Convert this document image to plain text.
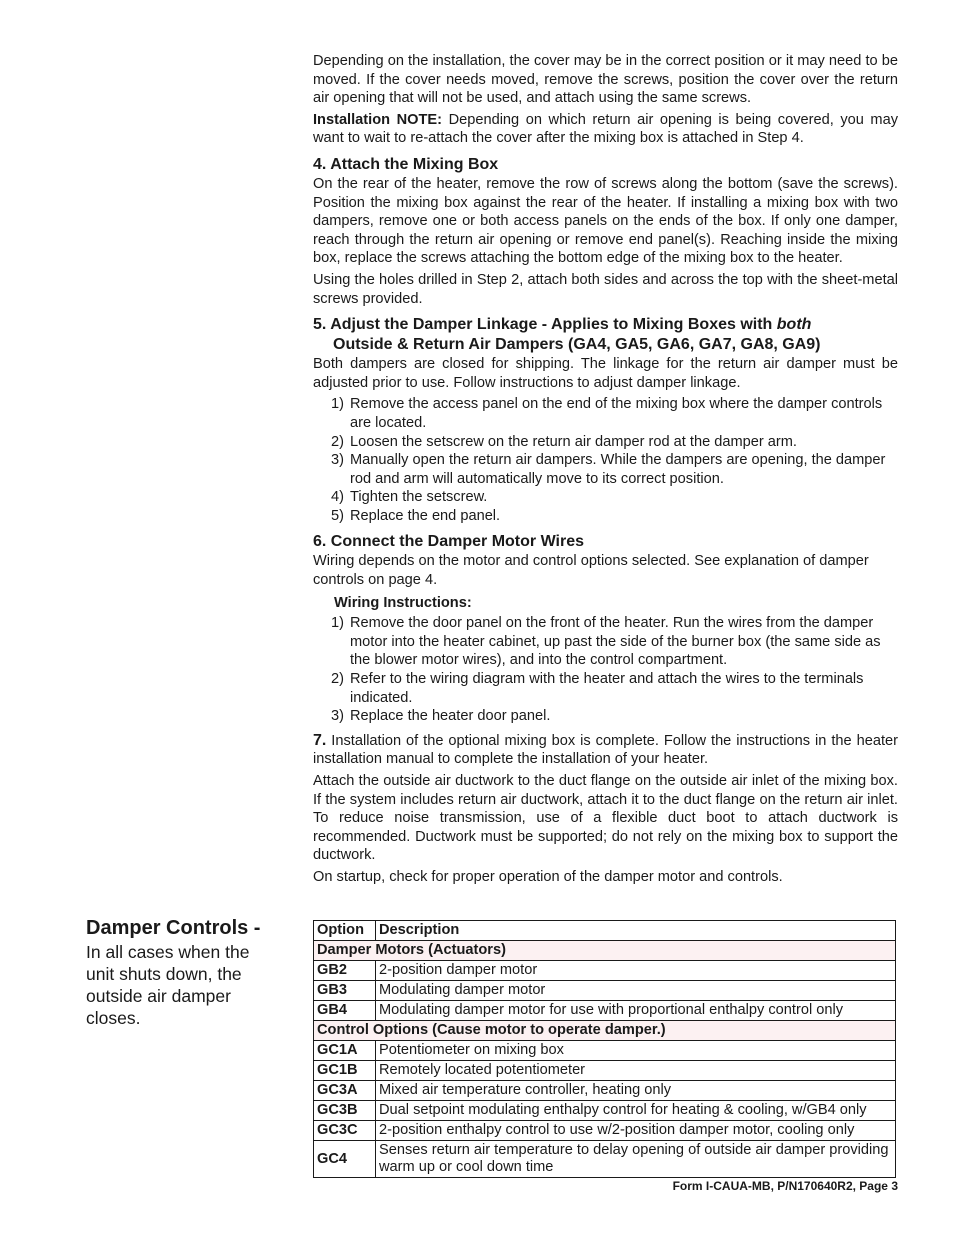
Depending on the installation, the cover may be in the correct position or it may need to be moved. If the cover needs moved, remove the screws, position the cover over the return air opening that will not be used, and attach using the same screws.

Installation NOTE: Depending on which return air opening is being covered, you may want to wait to re-attach the cover after the mixing box is attached in Step 4.

4. Attach the Mixing Box

On the rear of the heater, remove the row of screws along the bottom (save the screws). Position the mixing box against the rear of the heater. If installing a mixing box with two dampers, remove one or both access panels on the ends of the box. If only one damper, reach through the return air opening or remove end panel(s). Reaching inside the mixing box, replace the screws attaching the bottom edge of the mixing box to the heater.

Using the holes drilled in Step 2, attach both sides and across the top with the sheet-metal screws provided.

5. Adjust the Damper Linkage - Applies to Mixing Boxes with both
Outside & Return Air Dampers (GA4, GA5, GA6, GA7, GA8, GA9)

Both dampers are closed for shipping. The linkage for the return air damper must be adjusted prior to use. Follow instructions to adjust damper linkage.

1) Remove the access panel on the end of the mixing box where the damper controls are located.
2) Loosen the setscrew on the return air damper rod at the damper arm.
3) Manually open the return air dampers. While the dampers are opening, the damper rod and arm will automatically move to its correct position.
4) Tighten the setscrew.
5) Replace the end panel.
6. Connect the Damper Motor Wires

Wiring depends on the motor and control options selected. See explanation of damper controls on page 4.

Wiring Instructions:
1) Remove the door panel on the front of the heater. Run the wires from the damper motor into the heater cabinet, up past the side of the burner box (the same side as the blower motor wires), and into the control compartment.
2) Refer to the wiring diagram with the heater and attach the wires to the terminals indicated.
3) Replace the heater door panel.

7. Installation of the optional mixing box is complete. Follow the instructions in the heater installation manual to complete the installation of your heater.

Attach the outside air ductwork to the duct flange on the outside air inlet of the mixing box. If the system includes return air ductwork, attach it to the duct flange on the return air inlet. To reduce noise transmission, use of a flexible duct boot to attach ductwork is recommended. Ductwork must be supported; do not rely on the mixing box to support the ductwork.

On startup, check for proper operation of the damper motor and controls.

Damper Controls -
In all cases when the unit shuts down, the outside air damper closes.
Option	Description
Damper Motors (Actuators)	
GB2	2-position damper motor
GB3	Modulating damper motor
GB4	Modulating damper motor for use with proportional enthalpy control only
Control Options (Cause motor to operate damper.)	
GC1A	Potentiometer on mixing box
GC1B	Remotely located potentiometer
GC3A	Mixed air temperature controller, heating only
GC3B	Dual setpoint modulating enthalpy control for heating & cooling, w/GB4 only
GC3C	2-position enthalpy control to use w/2-position damper motor, cooling only
GC4	Senses return air temperature to delay opening of outside air damper providing warm up or cool down time
Form I-CAUA-MB, P/N170640R2, Page 3
